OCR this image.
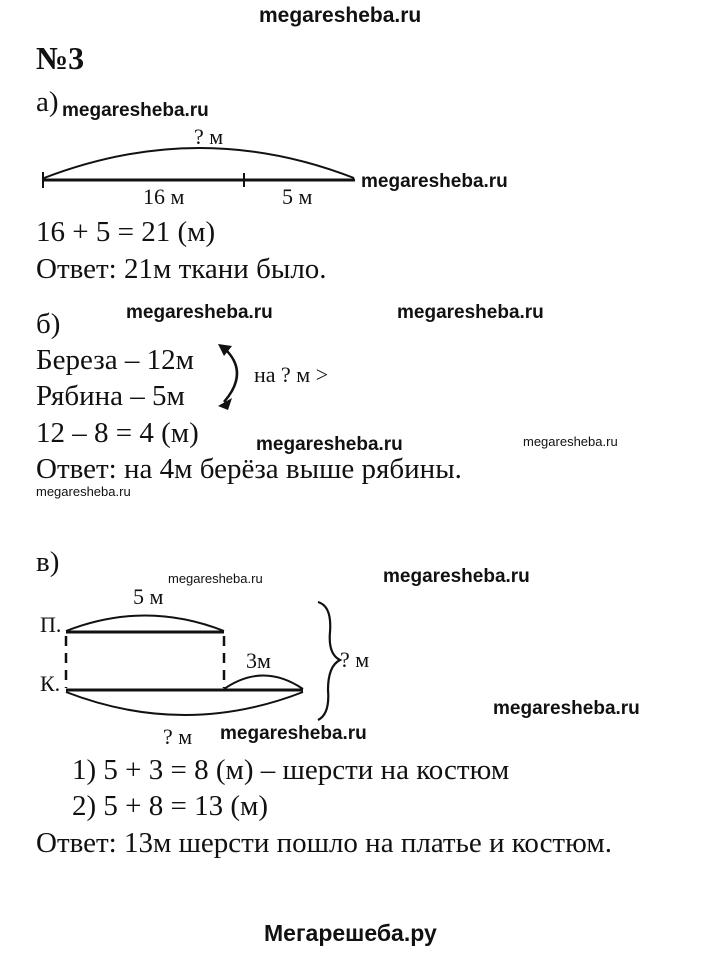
megaresheba.ru
№3
а) megaresheba.ru
? м
16 м	5 м
megaresheba.ru
16 + 5 = 21 (м)
Ответ: 21м ткани было.
б)	megaresheba.ru	megaresheba.ru
Береза – 12м
Рябина – 5м
на ? м >
12 – 8 = 4 (м)	megaresheba.ru	megaresheba.ru
Ответ: на 4м берёза выше рябины.
megaresheba.ru
в)
megaresheba.ru	megaresheba.ru
5 м
П.
К.
3м	? м
? м megaresheba.ru
megaresheba.ru
1) 5 + 3 = 8 (м) – шерсти на костюм
2) 5 + 8 = 13 (м)
Ответ: 13м шерсти пошло на платье и костюм.
Мегарешеба.ру
